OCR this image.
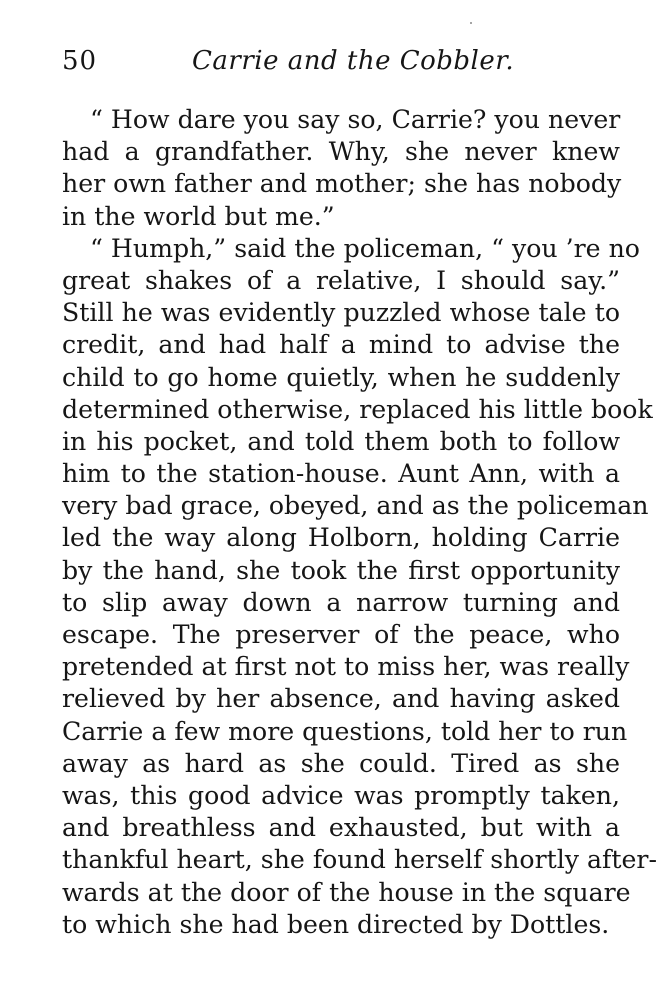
50	Carrie and the Cobbler.
“ How dare you say so, Carrie? you never
had a grandfather. Why, she never knew
her own father and mother; she has nobody
in the world but me.”
“ Humph,” said the policeman, “ you ’re no
great shakes of a relative, I should say.”
Still he was evidently puzzled whose tale to
credit, and had half a mind to advise the
child to go home quietly, when he suddenly
determined otherwise, replaced his little book
in his pocket, and told them both to follow
him to the station-house. Aunt Ann, with a
very bad grace, obeyed, and as the policeman
led the way along Holborn, holding Carrie
by the hand, she took the first opportunity
to slip away down a narrow turning and
escape. The preserver of the peace, who
pretended at first not to miss her, was really
relieved by her absence, and having asked
Carrie a few more questions, told her to run
away as hard as she could. Tired as she
was, this good advice was promptly taken,
and breathless and exhausted, but with a
thankful heart, she found herself shortly after-
wards at the door of the house in the square
to which she had been directed by Dottles.
